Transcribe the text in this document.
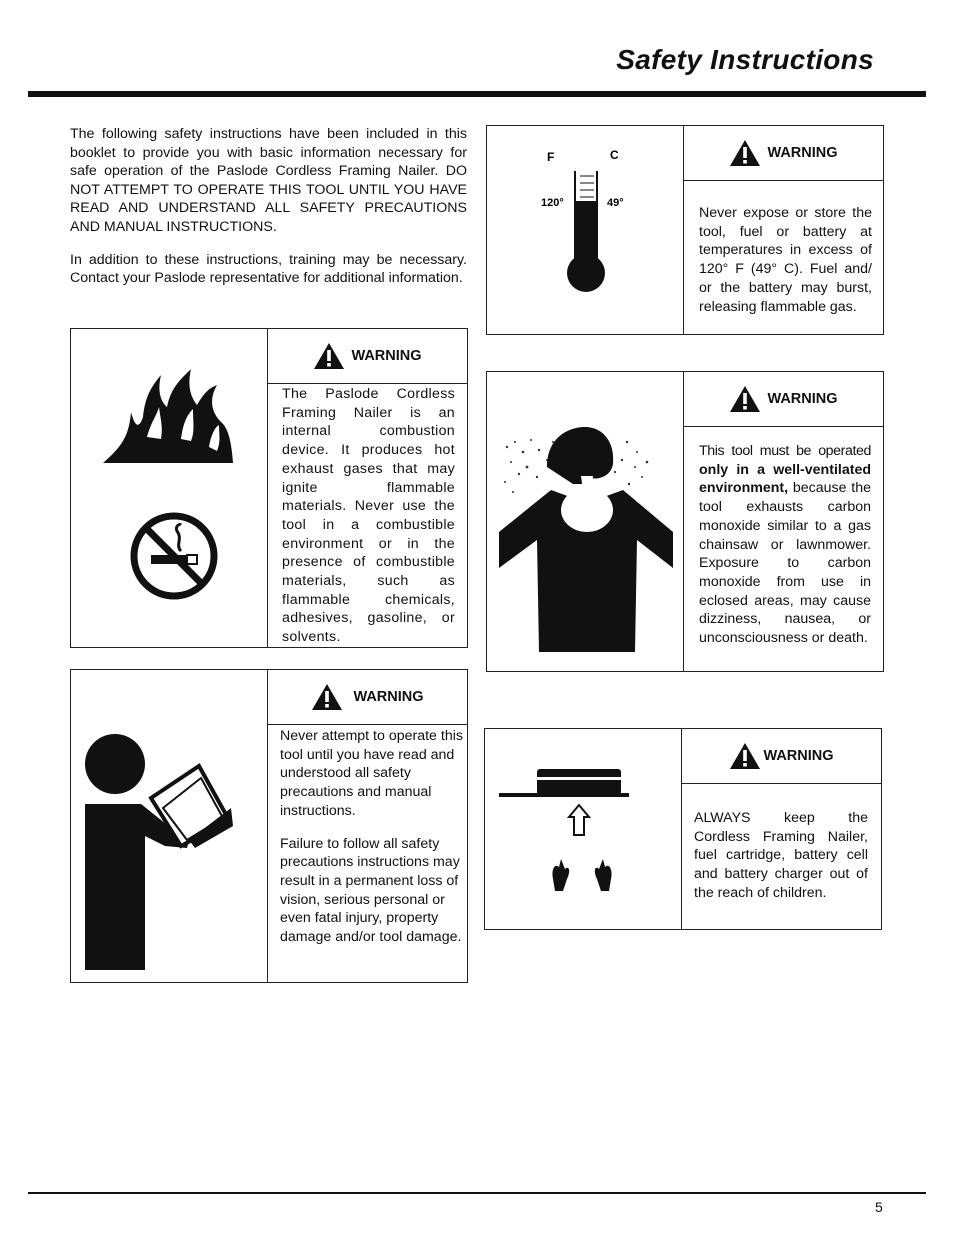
Safety Instructions

The following safety instructions have been included in this booklet to provide you with basic information necessary for safe operation of the Paslode Cordless Framing Nailer. DO NOT ATTEMPT TO OPERATE THIS TOOL UNTIL YOU HAVE READ AND UNDERSTAND ALL SAFETY PRECAUTIONS AND MANUAL INSTRUCTIONS.

In addition to these instructions, training may be necessary. Contact your Paslode representative for additional information.

F	C
120°	49°
WARNING
Never expose or store the tool, fuel or battery at temperatures in excess of 120° F (49° C). Fuel and/ or the battery may burst, releasing flammable gas.
WARNING
The Paslode Cordless Framing Nailer is an internal combustion device. It produces hot exhaust gases that may ignite flammable materials. Never use the tool in a combustible environment or in the presence of combustible materials, such as flammable chemicals, adhesives, gasoline, or solvents.
WARNING
This tool must be operated only in a well-ventilated environment, because the tool exhausts carbon monoxide similar to a gas chainsaw or lawnmower. Exposure to carbon monoxide from use in eclosed areas, may cause dizziness, nausea, or unconsciousness or death.
WARNING

Never attempt to operate this tool until you have read and understood all safety precautions and manual instructions.

Failure to follow all safety precautions instructions may result in a permanent loss of vision, serious personal or even fatal injury, property damage and/or tool damage.

WARNING
ALWAYS keep the Cordless Framing Nailer, fuel cartridge, battery cell and battery charger out of the reach of children.
5
